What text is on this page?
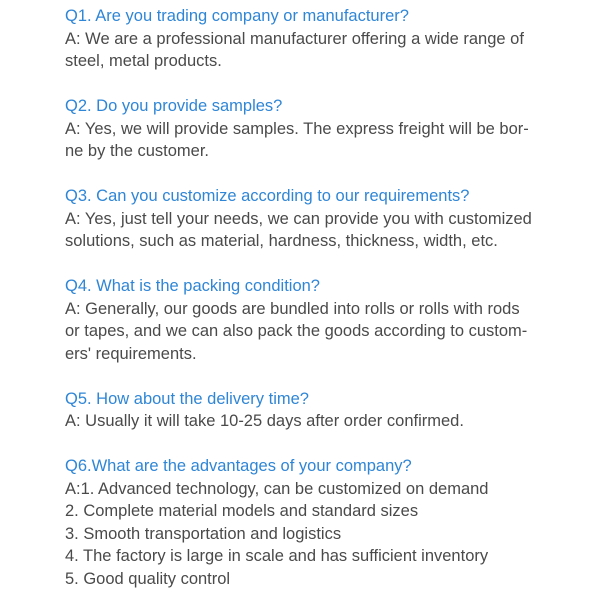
Q1. Are you trading company or manufacturer?

A: We are a professional manufacturer offering a wide range of
steel, metal products.

Q2. Do you provide samples?

A: Yes, we will provide samples. The express freight will be bor-
ne by the customer.

Q3. Can you customize according to our requirements?

A: Yes, just tell your needs, we can provide you with customized
solutions, such as material, hardness, thickness, width, etc.

Q4. What is the packing condition?

A: Generally, our goods are bundled into rolls or rolls with rods
or tapes, and we can also pack the goods according to custom-
ers' requirements.

Q5. How about the delivery time?

A: Usually it will take 10-25 days after order confirmed.

Q6.What are the advantages of your company?

A:1. Advanced technology, can be customized on demand
2. Complete material models and standard sizes
3. Smooth transportation and logistics
4. The factory is large in scale and has sufficient inventory
5. Good quality control
